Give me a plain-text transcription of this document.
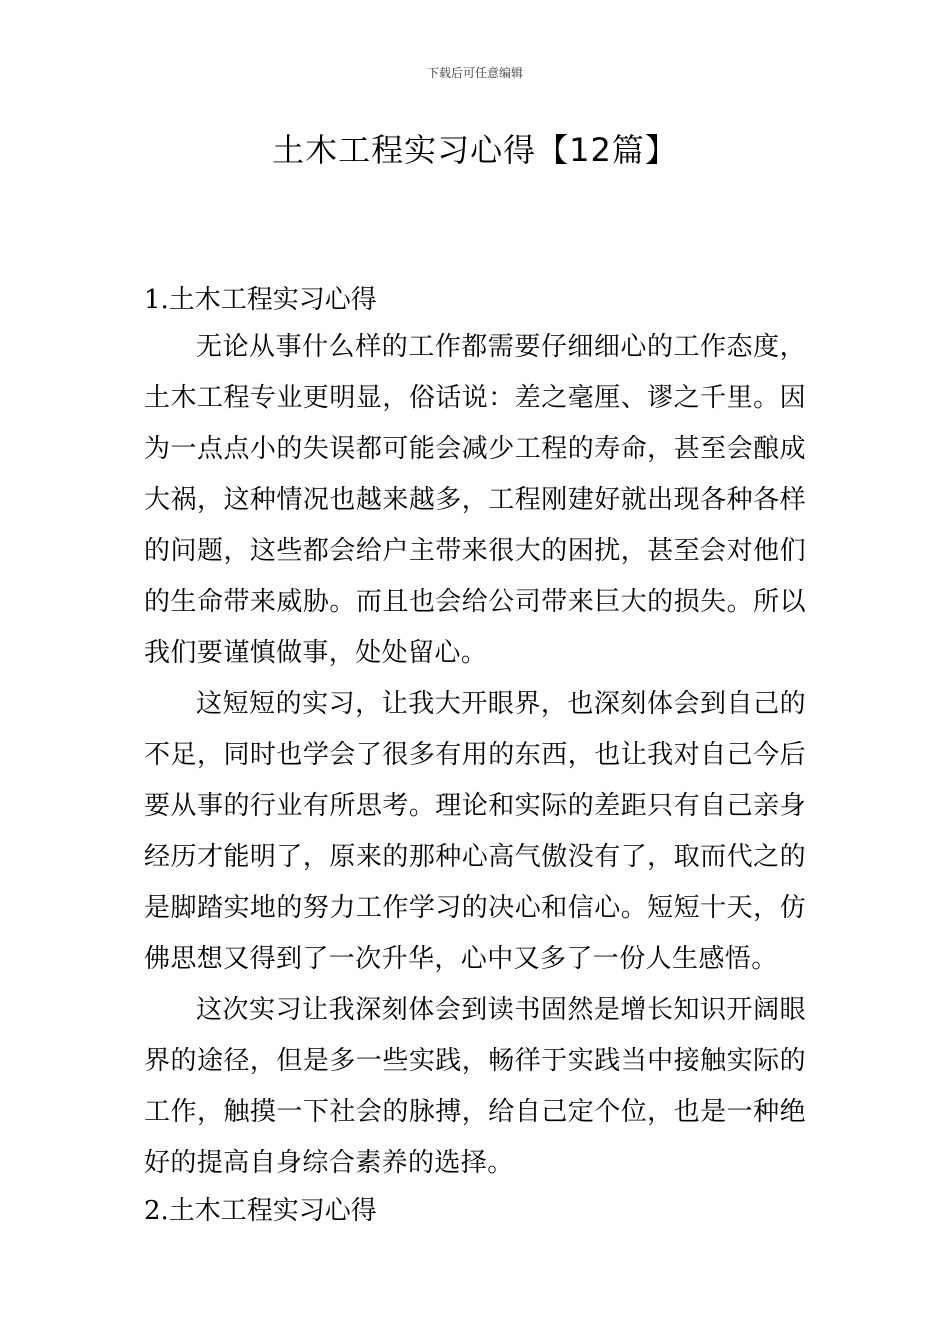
下载后可任意编辑
土木工程实习心得【12篇】
1.土木工程实习心得

无论从事什么样的工作都需要仔细细心的工作态度，土木工程专业更明显，俗话说：差之毫厘、谬之千里。因为一点点小的失误都可能会减少工程的寿命，甚至会酿成大祸，这种情况也越来越多，工程刚建好就出现各种各样的问题，这些都会给户主带来很大的困扰，甚至会对他们的生命带来威胁。而且也会给公司带来巨大的损失。所以我们要谨慎做事，处处留心。

这短短的实习，让我大开眼界，也深刻体会到自己的不足，同时也学会了很多有用的东西，也让我对自己今后要从事的行业有所思考。理论和实际的差距只有自己亲身经历才能明了，原来的那种心高气傲没有了，取而代之的是脚踏实地的努力工作学习的决心和信心。短短十天，仿佛思想又得到了一次升华，心中又多了一份人生感悟。

这次实习让我深刻体会到读书固然是增长知识开阔眼界的途径，但是多一些实践，畅徉于实践当中接触实际的工作，触摸一下社会的脉搏，给自己定个位，也是一种绝好的提高自身综合素养的选择。

2.土木工程实习心得
